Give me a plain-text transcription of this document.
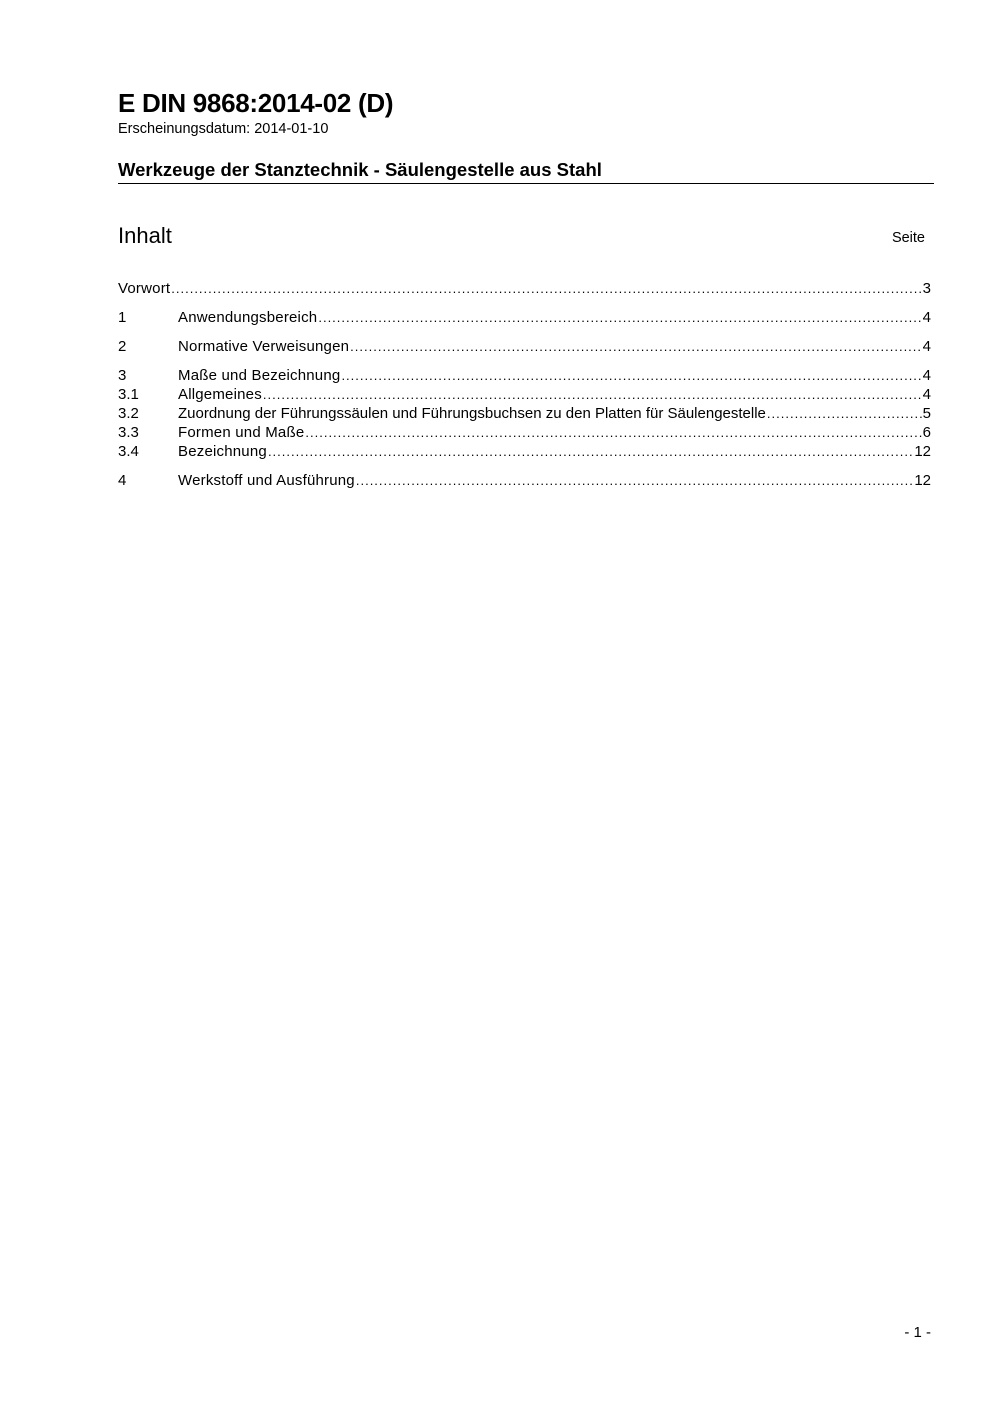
E DIN 9868:2014-02 (D)
Erscheinungsdatum: 2014-01-10
Werkzeuge der Stanztechnik - Säulengestelle aus Stahl
Inhalt	Seite
Vorwort .....	3
1	Anwendungsbereich .....	4
2	Normative Verweisungen .....	4
3	Maße und Bezeichnung .....	4
3.1	Allgemeines .....	4
3.2	Zuordnung der Führungssäulen und Führungsbuchsen zu den Platten für Säulengestelle .....	5
3.3	Formen und Maße .....	6
3.4	Bezeichnung .....	12
4	Werkstoff und Ausführung .....	12
- 1 -
